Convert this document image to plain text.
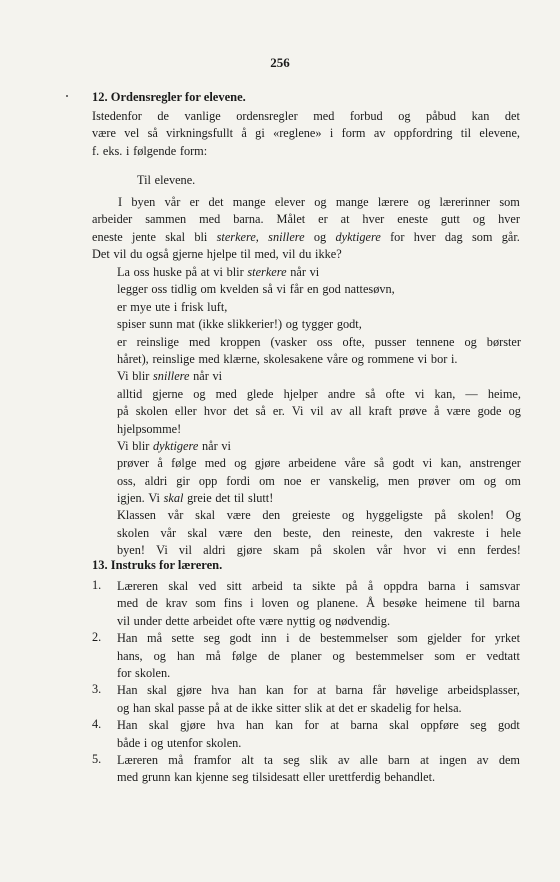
256
12. Ordensregler for elevene.
Istedenfor de vanlige ordensregler med forbud og påbud kan det
være vel så virkningsfullt å gi «reglene» i form av oppfordring til elevene,
f. eks. i følgende form:
Til elevene.
I byen vår er det mange elever og mange lærere og lærerinner som
arbeider sammen med barna. Målet er at hver eneste gutt og hver
eneste jente skal bli sterkere, snillere og dyktigere for hver dag som går.
Det vil du også gjerne hjelpe til med, vil du ikke?
La oss huske på at vi blir sterkere når vi
legger oss tidlig om kvelden så vi får en god nattesøvn,
er mye ute i frisk luft,
spiser sunn mat (ikke slikkerier!) og tygger godt,
er reinslige med kroppen (vasker oss ofte, pusser tennene og børster
håret), reinslige med klærne, skolesakene våre og rommene vi bor i.
Vi blir snillere når vi
alltid gjerne og med glede hjelper andre så ofte vi kan, — heime,
på skolen eller hvor det så er. Vi vil av all kraft prøve å være gode og
hjelpsomme!
Vi blir dyktigere når vi
prøver å følge med og gjøre arbeidene våre så godt vi kan, anstrenger
oss, aldri gir opp fordi om noe er vanskelig, men prøver om og om
igjen. Vi skal greie det til slutt!
Klassen vår skal være den greieste og hyggeligste på skolen! Og
skolen vår skal være den beste, den reineste, den vakreste i hele
byen! Vi vil aldri gjøre skam på skolen vår hvor vi enn ferdes!
13. Instruks for læreren.
1.	Læreren skal ved sitt arbeid ta sikte på å oppdra barna i samsvar
med de krav som fins i loven og planene. Å besøke heimene til barna
vil under dette arbeidet ofte være nyttig og nødvendig.
2.	Han må sette seg godt inn i de bestemmelser som gjelder for yrket
hans, og han må følge de planer og bestemmelser som er vedtatt
for skolen.
3.	Han skal gjøre hva han kan for at barna får høvelige arbeidsplasser,
og han skal passe på at de ikke sitter slik at det er skadelig for helsa.
4.	Han skal gjøre hva han kan for at barna skal oppføre seg godt
både i og utenfor skolen.
5.	Læreren må framfor alt ta seg slik av alle barn at ingen av dem
med grunn kan kjenne seg tilsidesatt eller urettferdig behandlet.
